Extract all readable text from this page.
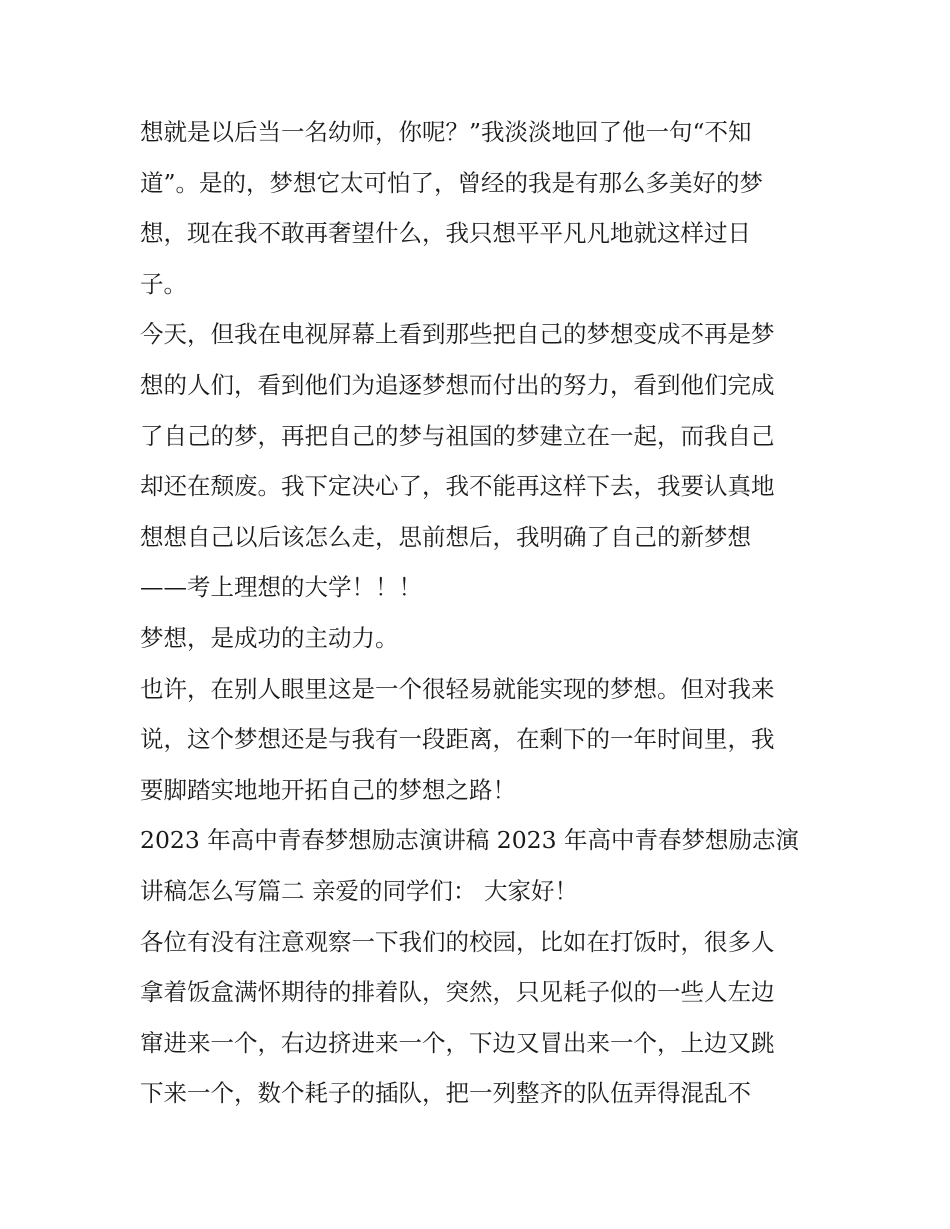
想就是以后当一名幼师，你呢？”我淡淡地回了他一句“不知
道”。是的，梦想它太可怕了，曾经的我是有那么多美好的梦
想，现在我不敢再奢望什么，我只想平平凡凡地就这样过日
子。
今天，但我在电视屏幕上看到那些把自己的梦想变成不再是梦
想的人们，看到他们为追逐梦想而付出的努力，看到他们完成
了自己的梦，再把自己的梦与祖国的梦建立在一起，而我自己
却还在颓废。我下定决心了，我不能再这样下去，我要认真地
想想自己以后该怎么走，思前想后，我明确了自己的新梦想
——考上理想的大学！！！
梦想，是成功的主动力。
也许，在别人眼里这是一个很轻易就能实现的梦想。但对我来
说，这个梦想还是与我有一段距离，在剩下的一年时间里，我
要脚踏实地地开拓自己的梦想之路！
2023 年高中青春梦想励志演讲稿 2023 年高中青春梦想励志演
讲稿怎么写篇二 亲爱的同学们： 大家好！
各位有没有注意观察一下我们的校园，比如在打饭时，很多人
拿着饭盒满怀期待的排着队，突然，只见耗子似的一些人左边
窜进来一个，右边挤进来一个，下边又冒出来一个，上边又跳
下来一个，数个耗子的插队，把一列整齐的队伍弄得混乱不
